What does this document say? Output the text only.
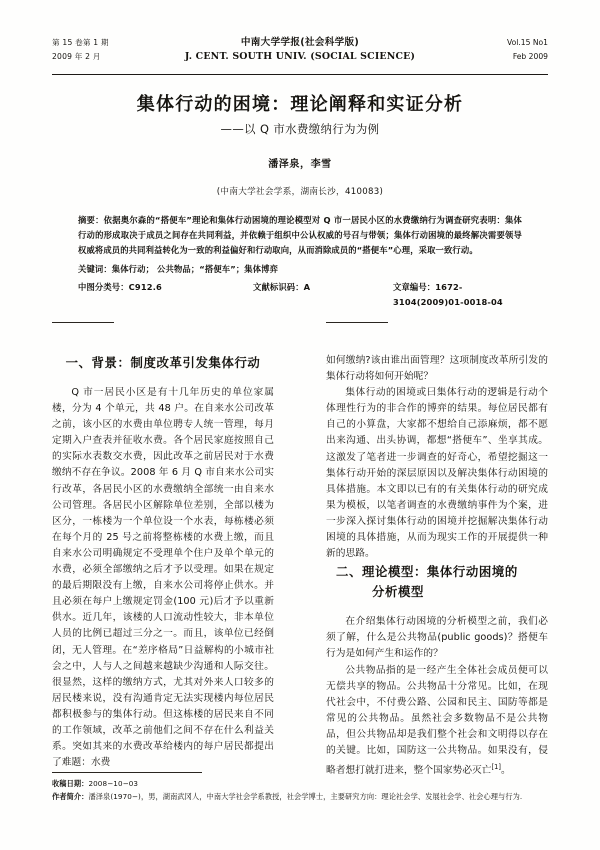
第 15 卷第 1 期
2009 年 2 月
中南大学学报(社会科学版)
J. CENT. SOUTH UNIV. (SOCIAL SCIENCE)
Vol.15 No1
Feb 2009
集体行动的困境：理论阐释和实证分析
——以 Q 市水费缴纳行为为例
潘泽泉，李雪
(中南大学社会学系，湖南长沙，410083)
摘要：依据奥尔森的“搭便车”理论和集体行动困境的理论模型对 Q 市一居民小区的水费缴纳行为调查研究表明：集体行动的形成取决于成员之间存在共同利益，并依赖于组织中公认权威的号召与带领；集体行动困境的最终解决需要领导权威将成员的共同利益转化为一致的利益偏好和行动取向，从而消除成员的“搭便车”心理，采取一致行动。
关键词：集体行动； 公共物品；“搭便车”；集体博弈
中图分类号：C912.6	文献标识码：A	文章编号：1672-3104(2009)01-0018-04
一、背景：制度改革引发集体行动

Q 市一居民小区是有十几年历史的单位家属楼，分为 4 个单元，共 48 户。在自来水公司改革之前，该小区的水费由单位聘专人统一管理，每月定期入户查表并征收水费。各个居民家庭按照自己的实际水表数交水费，因此改革之前居民对于水费缴纳不存在争议。2008 年 6 月 Q 市自来水公司实行改革，各居民小区的水费缴纳全部统一由自来水公司管理。各居民小区解除单位差别，全部以楼为区分，一栋楼为一个单位设一个水表，每栋楼必须在每个月的 25 号之前将整栋楼的水费上缴，而且自来水公司明确规定不受理单个住户及单个单元的水费，必须全部缴纳之后才予以受理。如果在规定的最后期限没有上缴，自来水公司将停止供水。并且必须在每户上缴规定罚金(100 元)后才予以重新供水。近几年，该楼的人口流动性较大，非本单位人员的比例已超过三分之一。而且，该单位已经倒闭，无人管理。在“差序格局”日益解构的小城市社会之中，人与人之间越来越缺少沟通和人际交往。很显然，这样的缴纳方式，尤其对外来人口较多的居民楼来说，没有沟通肯定无法实现楼内每位居民都积极参与的集体行动。但这栋楼的居民来自不同的工作领域，改革之前他们之间不存在什么利益关系。突如其来的水费改革给楼内的每户居民都提出了难题：水费

如何缴纳?该由谁出面管理？这项制度改革所引发的集体行动将如何开始呢？

集体行动的困境或曰集体行动的逻辑是行动个体理性行为的非合作的博弈的结果。每位居民都有自己的小算盘，大家都不想给自己添麻烦，都不愿出来沟通、出头协调，都想“搭便车”、坐享其成。这激发了笔者进一步调查的好奇心，希望挖掘这一集体行动开始的深层原因以及解决集体行动困境的具体措施。本文即以已有的有关集体行动的研究成果为模板，以笔者调查的水费缴纳事件为个案，进一步深入探讨集体行动的困境并挖掘解决集体行动困境的具体措施，从而为现实工作的开展提供一种新的思路。

二、理论模型：集体行动困境的
分析模型

在介绍集体行动困境的分析模型之前，我们必须了解，什么是公共物品(public goods)？搭便车行为是如何产生和运作的？

公共物品指的是一经产生全体社会成员便可以无偿共享的物品。公共物品十分常见。比如，在现代社会中，不付费公路、公园和民主、国防等都是常见的公共物品。虽然社会多数物品不是公共物品，但公共物品却是我们整个社会和文明得以存在的关键。比如，国防这一公共物品。如果没有，侵略者想打就打进来，整个国家势必灭亡[1]。

收稿日期：2008−10−03
作者简介：潘泽泉(1970−)，男，湖南武冈人，中南大学社会学系教授，社会学博士，主要研究方向：理论社会学、发展社会学、社会心理与行为.
